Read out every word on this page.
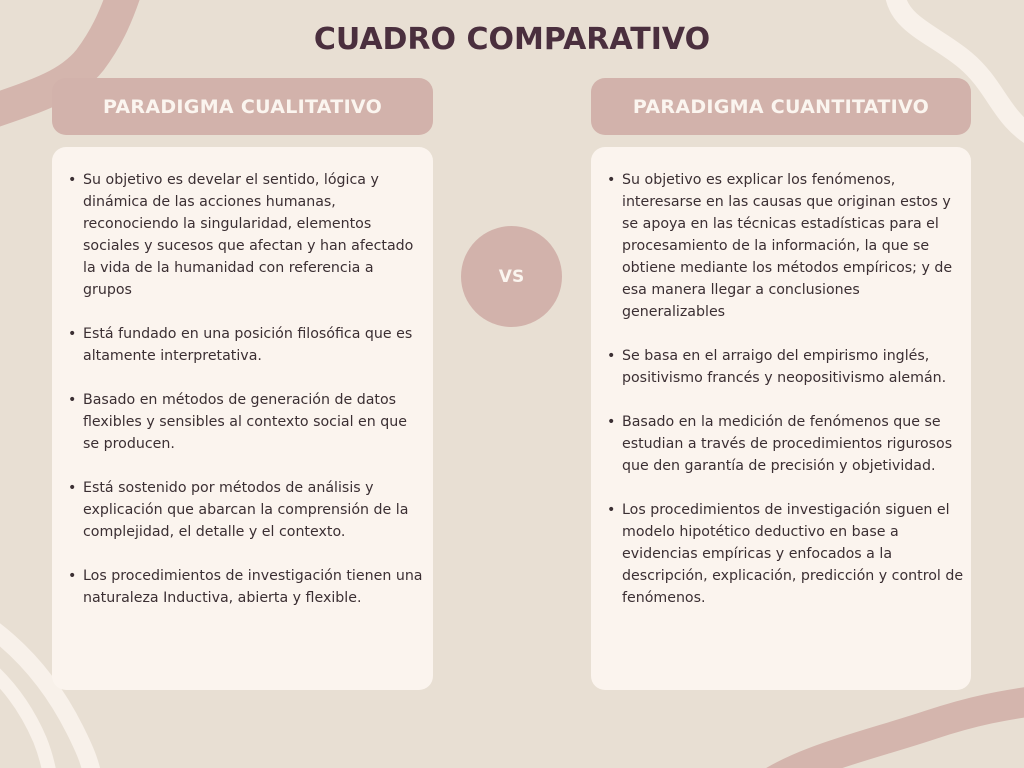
CUADRO COMPARATIVO
PARADIGMA CUALITATIVO	PARADIGMA CUANTITATIVO
• Su objetivo es develar el sentido, lógica y dinámica de las acciones humanas, reconociendo la singularidad, elementos sociales y sucesos que afectan y han afectado la vida de la humanidad con referencia a grupos
• Está fundado en una posición filosófica que es altamente interpretativa.
• Basado en métodos de generación de datos flexibles y sensibles al contexto social en que se producen.
• Está sostenido por métodos de análisis y explicación que abarcan la comprensión de la complejidad, el detalle y el contexto.
• Los procedimientos de investigación tienen una naturaleza Inductiva, abierta y flexible.
VS
• Su objetivo es explicar los fenómenos, interesarse en las causas que originan estos y se apoya en las técnicas estadísticas para el procesamiento de la información, la que se obtiene mediante los métodos empíricos; y de esa manera llegar a conclusiones generalizables
• Se basa en el arraigo del empirismo inglés, positivismo francés y neopositivismo alemán.
• Basado en la medición de fenómenos que se estudian a través de procedimientos rigurosos que den garantía de precisión y objetividad.
• Los procedimientos de investigación siguen el modelo hipotético deductivo en base a evidencias empíricas y enfocados a la descripción, explicación, predicción y control de fenómenos.
